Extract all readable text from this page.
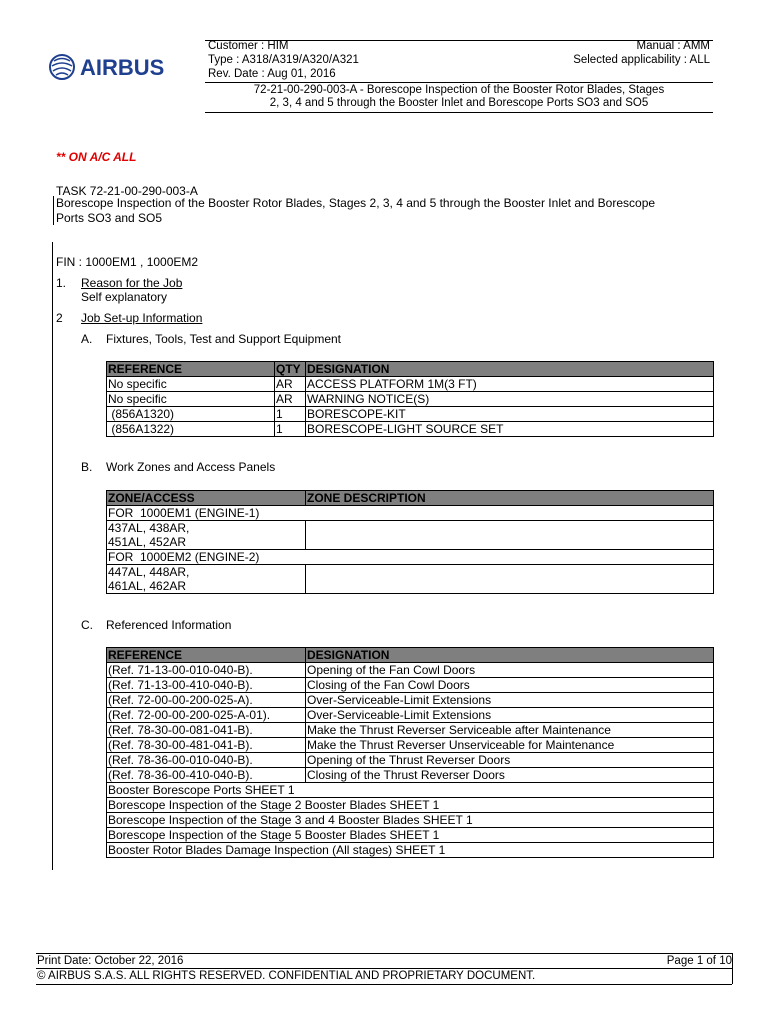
AIRBUS
Customer : HIM	Manual : AMM
Type : A318/A319/A320/A321	Selected applicability : ALL
Rev. Date : Aug 01, 2016
72-21-00-290-003-A - Borescope Inspection of the Booster Rotor Blades, Stages
2, 3, 4 and 5 through the Booster Inlet and Borescope Ports SO3 and SO5
** ON A/C ALL
TASK 72-21-00-290-003-A
Borescope Inspection of the Booster Rotor Blades, Stages 2, 3, 4 and 5 through the Booster Inlet and Borescope
Ports SO3 and SO5
FIN : 1000EM1 , 1000EM2
1. Reason for the Job
Self explanatory
2 Job Set-up Information
A. Fixtures, Tools, Test and Support Equipment
REFERENCE	QTY	DESIGNATION
No specific	AR	ACCESS PLATFORM 1M(3 FT)
No specific	AR	WARNING NOTICE(S)
(856A1320)	1	BORESCOPE-KIT
(856A1322)	1	BORESCOPE-LIGHT SOURCE SET
B. Work Zones and Access Panels
ZONE/ACCESS	ZONE DESCRIPTION
FOR  1000EM1 (ENGINE-1)	

437AL, 438AR,
451AL, 452AR	

FOR  1000EM2 (ENGINE-2)	

447AL, 448AR,
461AL, 462AR	

C. Referenced Information
REFERENCE	DESIGNATION
(Ref. 71-13-00-010-040-B).	Opening of the Fan Cowl Doors
(Ref. 71-13-00-410-040-B).	Closing of the Fan Cowl Doors
(Ref. 72-00-00-200-025-A).	Over-Serviceable-Limit Extensions
(Ref. 72-00-00-200-025-A-01).	Over-Serviceable-Limit Extensions
(Ref. 78-30-00-081-041-B).	Make the Thrust Reverser Serviceable after Maintenance
(Ref. 78-30-00-481-041-B).	Make the Thrust Reverser Unserviceable for Maintenance
(Ref. 78-36-00-010-040-B).	Opening of the Thrust Reverser Doors
(Ref. 78-36-00-410-040-B).	Closing of the Thrust Reverser Doors
Booster Borescope Ports SHEET 1	
Borescope Inspection of the Stage 2 Booster Blades SHEET 1	
Borescope Inspection of the Stage 3 and 4 Booster Blades SHEET 1	
Borescope Inspection of the Stage 5 Booster Blades SHEET 1	
Booster Rotor Blades Damage Inspection (All stages) SHEET 1	
Print Date: October 22, 2016	Page 1 of 10
© AIRBUS S.A.S. ALL RIGHTS RESERVED. CONFIDENTIAL AND PROPRIETARY DOCUMENT.
